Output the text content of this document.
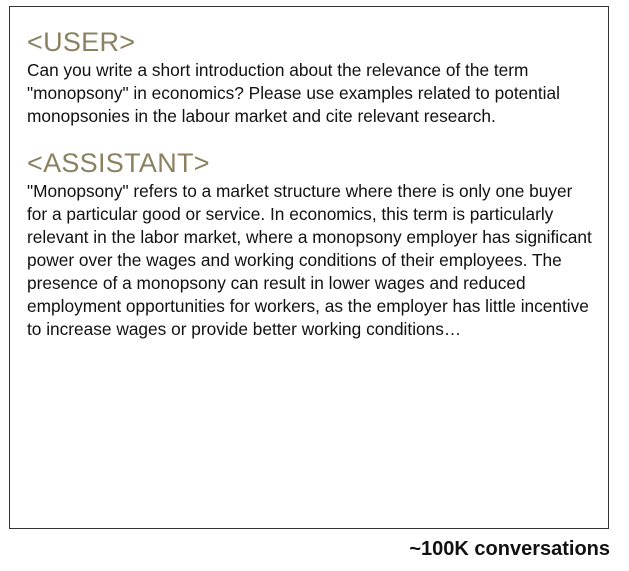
<USER>

Can you write a short introduction about the relevance of the term "monopsony" in economics? Please use examples related to potential monopsonies in the labour market and cite relevant research.

<ASSISTANT>

"Monopsony" refers to a market structure where there is only one buyer for a particular good or service. In economics, this term is particularly relevant in the labor market, where a monopsony employer has significant power over the wages and working conditions of their employees. The presence of a monopsony can result in lower wages and reduced employment opportunities for workers, as the employer has little incentive to increase wages or provide better working conditions…

~100K conversations
